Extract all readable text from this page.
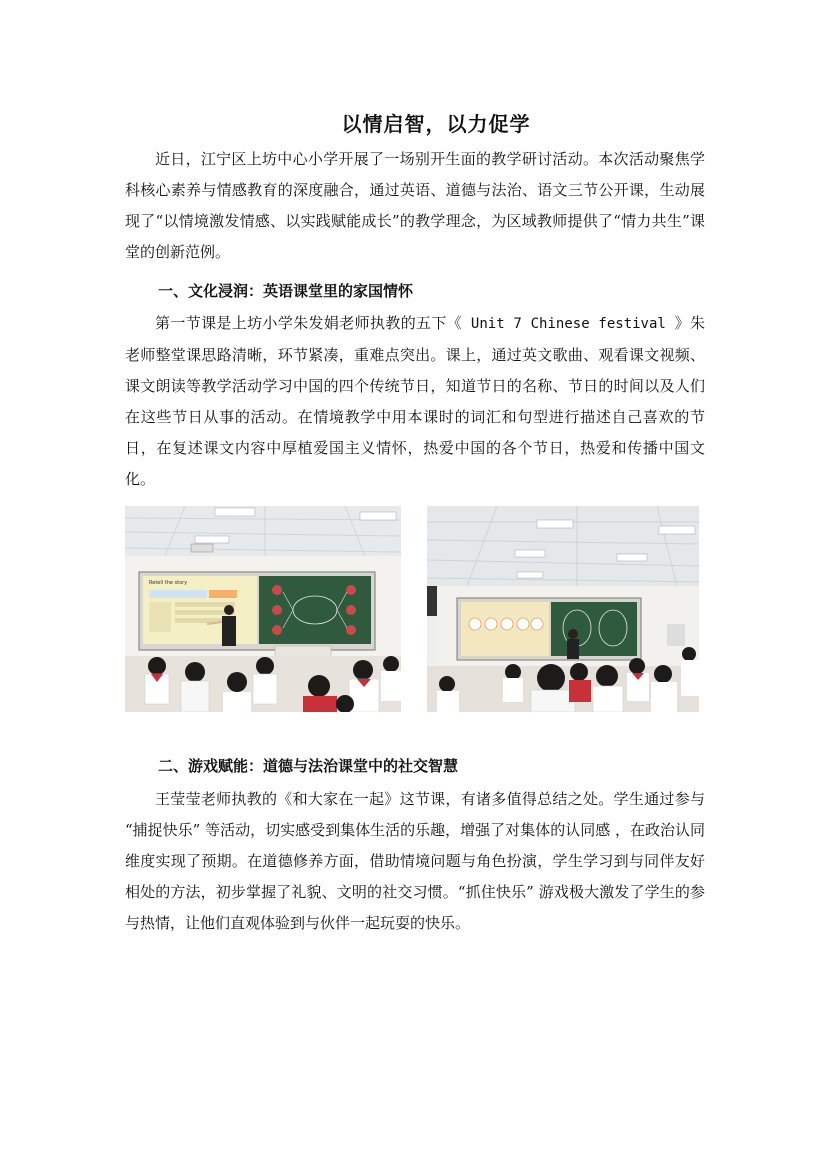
以情启智，以力促学

近日，江宁区上坊中心小学开展了一场别开生面的教学研讨活动。本次活动聚焦学科核心素养与情感教育的深度融合，通过英语、道德与法治、语文三节公开课，生动展现了“以情境激发情感、以实践赋能成长”的教学理念，为区域教师提供了“情力共生”课堂的创新范例。

一、文化浸润：英语课堂里的家国情怀

第一节课是上坊小学朱发娟老师执教的五下《 Unit 7 Chinese festival 》朱老师整堂课思路清晰，环节紧凑，重难点突出。课上，通过英文歌曲、观看课文视频、课文朗读等教学活动学习中国的四个传统节日，知道节日的名称、节日的时间以及人们在这些节日从事的活动。在情境教学中用本课时的词汇和句型进行描述自己喜欢的节日，在复述课文内容中厚植爱国主义情怀，热爱中国的各个节日，热爱和传播中国文化。

Retell the story

二、游戏赋能：道德与法治课堂中的社交智慧

王莹莹老师执教的《和大家在一起》这节课，有诸多值得总结之处。学生通过参与 “捕捉快乐” 等活动，切实感受到集体生活的乐趣，增强了对集体的认同感 ，在政治认同维度实现了预期。在道德修养方面，借助情境问题与角色扮演，学生学习到与同伴友好相处的方法，初步掌握了礼貌、文明的社交习惯。“抓住快乐” 游戏极大激发了学生的参与热情，让他们直观体验到与伙伴一起玩耍的快乐。
